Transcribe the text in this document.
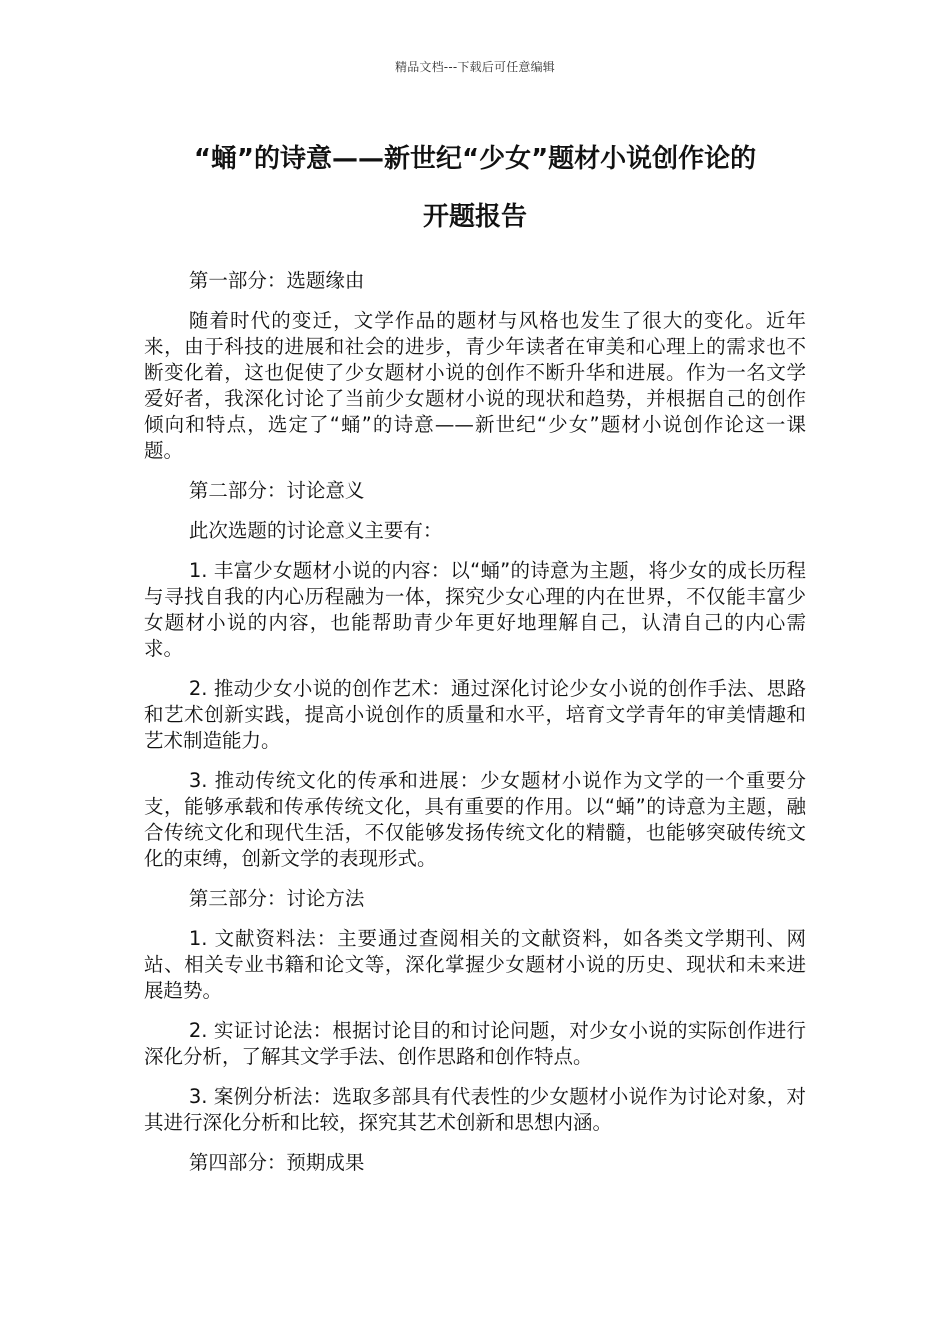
精品文档---下载后可任意编辑
“蛹”的诗意——新世纪“少女”题材小说创作论的
开题报告

第一部分：选题缘由

随着时代的变迁，文学作品的题材与风格也发生了很大的变化。近年来，由于科技的进展和社会的进步，青少年读者在审美和心理上的需求也不断变化着，这也促使了少女题材小说的创作不断升华和进展。作为一名文学爱好者，我深化讨论了当前少女题材小说的现状和趋势，并根据自己的创作倾向和特点，选定了“蛹”的诗意——新世纪“少女”题材小说创作论这一课题。

第二部分：讨论意义

此次选题的讨论意义主要有：

1. 丰富少女题材小说的内容：以“蛹”的诗意为主题，将少女的成长历程与寻找自我的内心历程融为一体，探究少女心理的内在世界，不仅能丰富少女题材小说的内容，也能帮助青少年更好地理解自己，认清自己的内心需求。

2. 推动少女小说的创作艺术：通过深化讨论少女小说的创作手法、思路和艺术创新实践，提高小说创作的质量和水平，培育文学青年的审美情趣和艺术制造能力。

3. 推动传统文化的传承和进展：少女题材小说作为文学的一个重要分支，能够承载和传承传统文化，具有重要的作用。以“蛹”的诗意为主题，融合传统文化和现代生活，不仅能够发扬传统文化的精髓，也能够突破传统文化的束缚，创新文学的表现形式。

第三部分：讨论方法

1. 文献资料法：主要通过查阅相关的文献资料，如各类文学期刊、网站、相关专业书籍和论文等，深化掌握少女题材小说的历史、现状和未来进展趋势。

2. 实证讨论法：根据讨论目的和讨论问题，对少女小说的实际创作进行深化分析，了解其文学手法、创作思路和创作特点。

3. 案例分析法：选取多部具有代表性的少女题材小说作为讨论对象，对其进行深化分析和比较，探究其艺术创新和思想内涵。

第四部分：预期成果
